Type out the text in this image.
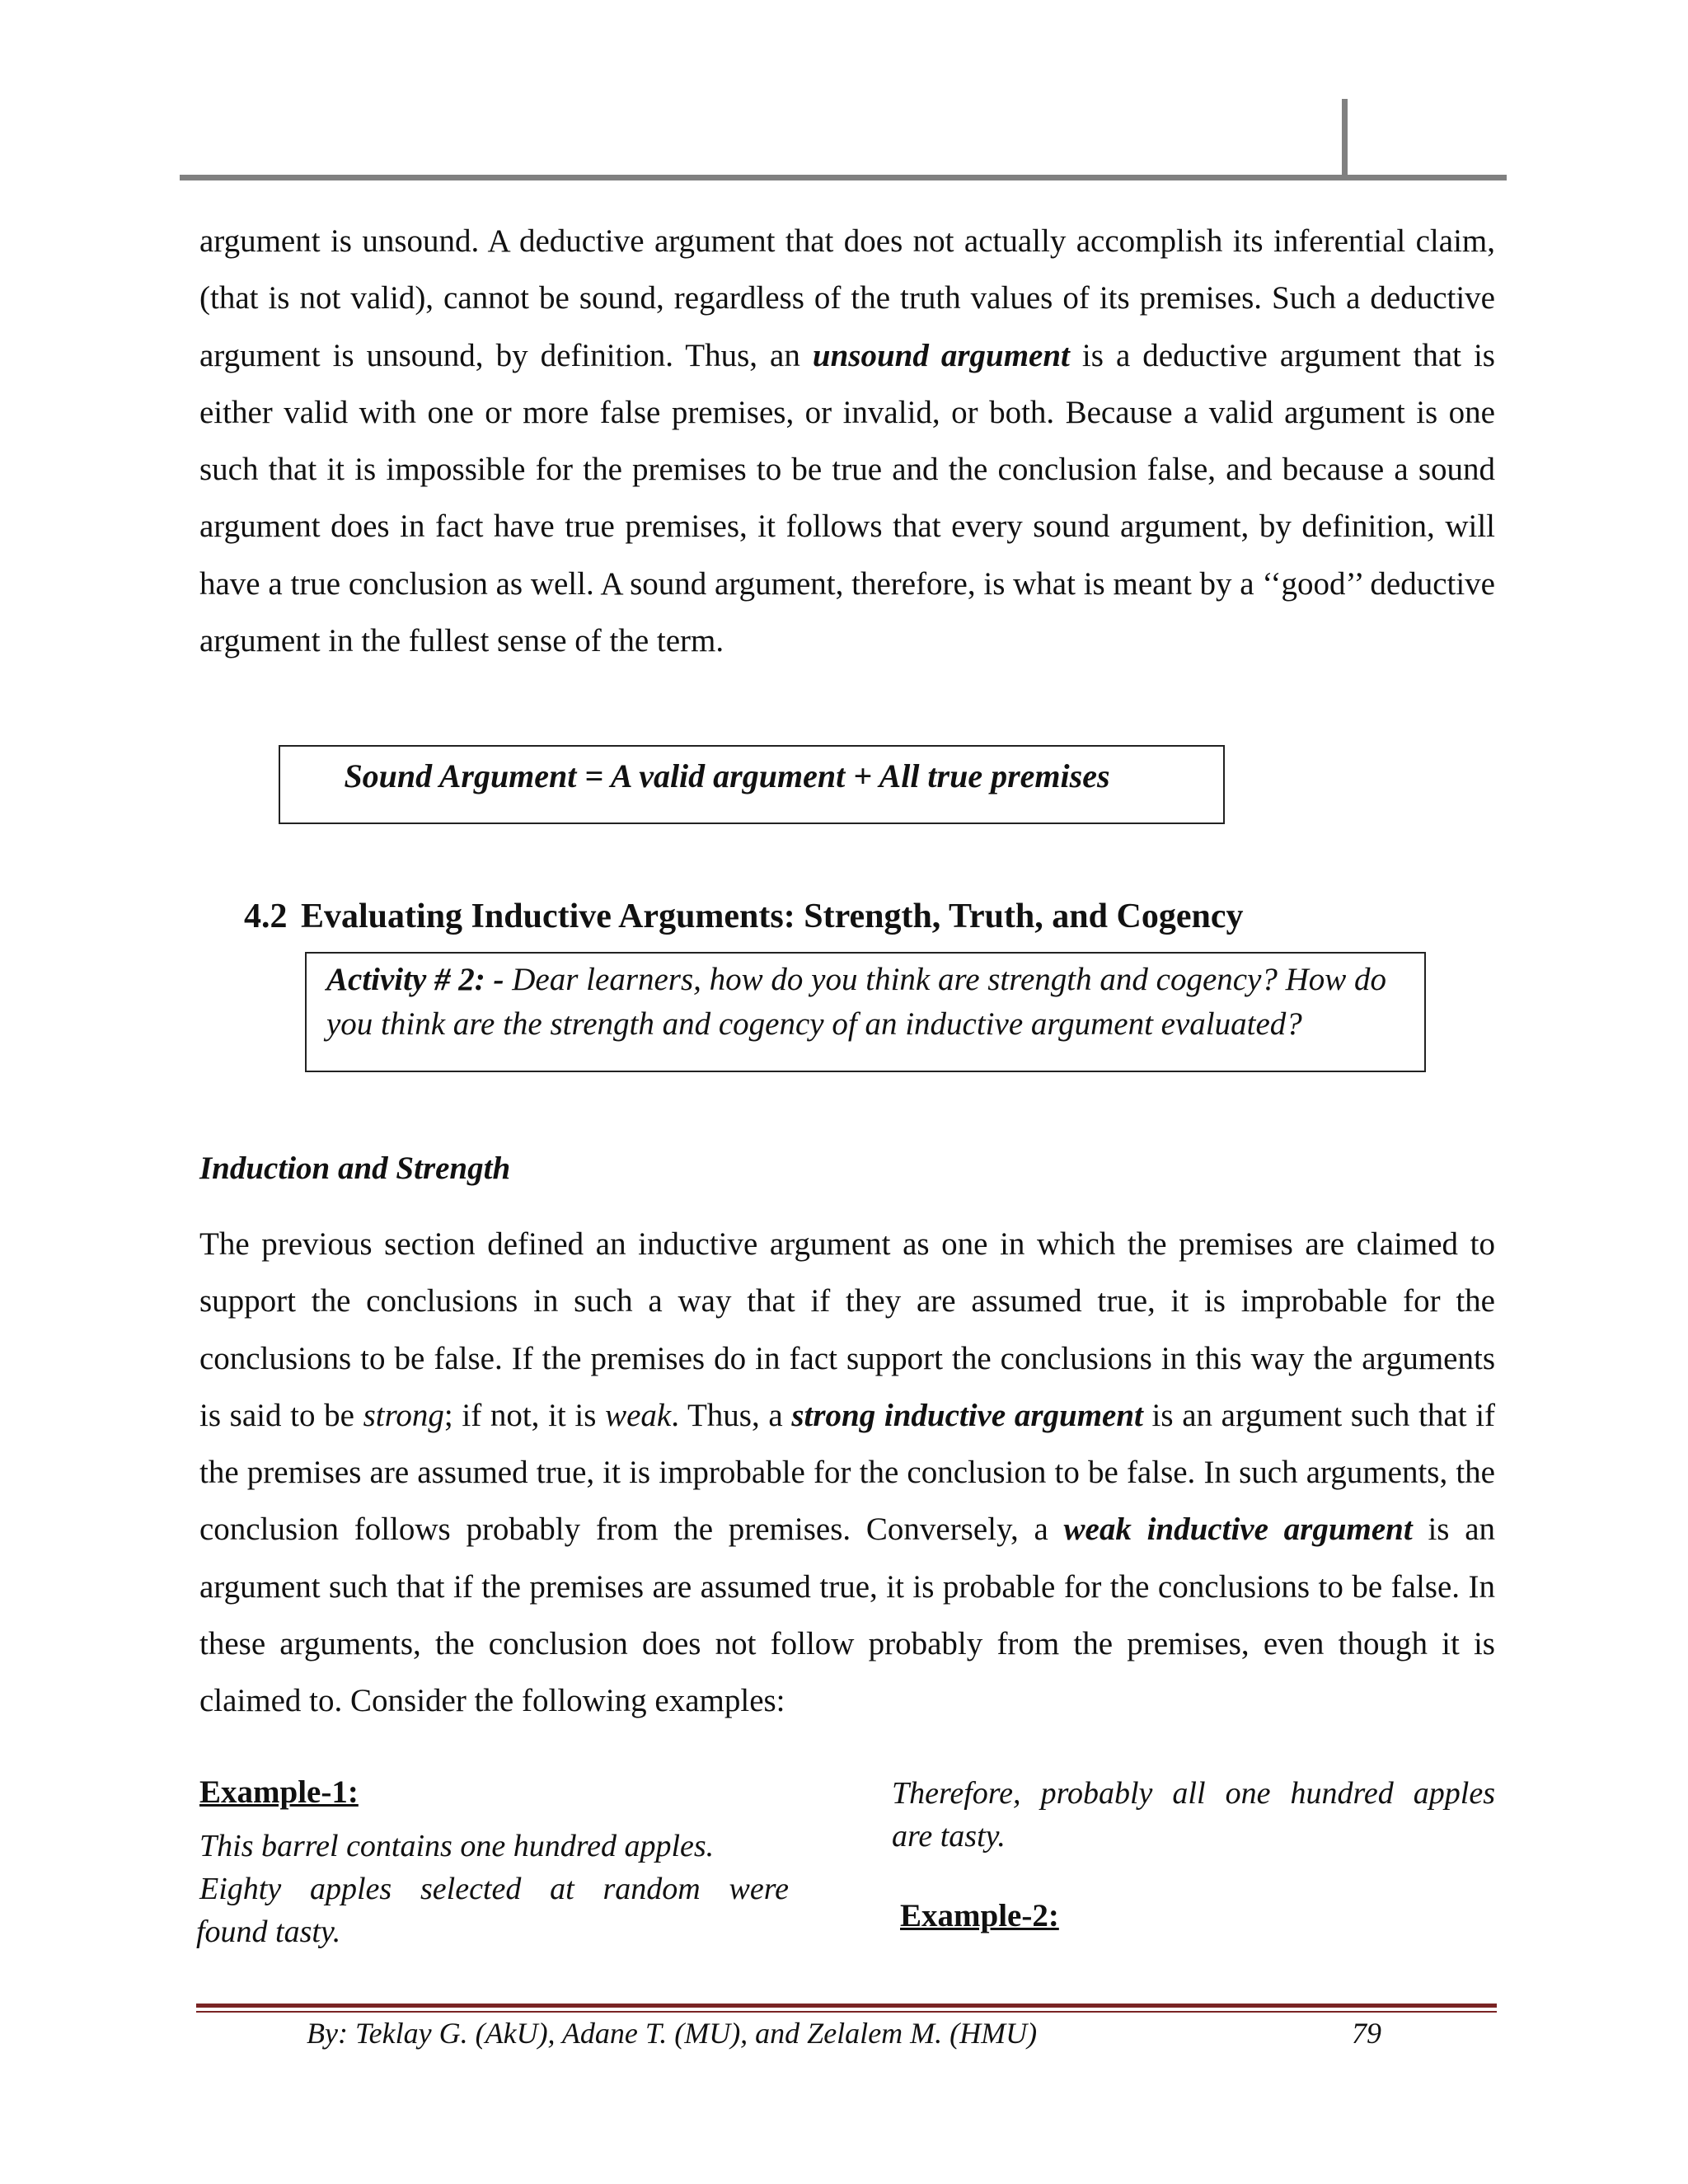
argument is unsound. A deductive argument that does not actually accomplish its inferential claim, (that is not valid), cannot be sound, regardless of the truth values of its premises. Such a deductive argument is unsound, by definition. Thus, an unsound argument is a deductive argument that is either valid with one or more false premises, or invalid, or both. Because a valid argument is one such that it is impossible for the premises to be true and the conclusion false, and because a sound argument does in fact have true premises, it follows that every sound argument, by definition, will have a true conclusion as well. A sound argument, therefore, is what is meant by a ‘‘good’’ deductive argument in the fullest sense of the term.

Sound Argument = A valid argument + All true premises
4.2 Evaluating Inductive Arguments: Strength, Truth, and Cogency

Activity # 2: - Dear learners, how do you think are strength and cogency? How do you think are the strength and cogency of an inductive argument evaluated?

Induction and Strength

The previous section defined an inductive argument as one in which the premises are claimed to support the conclusions in such a way that if they are assumed true, it is improbable for the conclusions to be false. If the premises do in fact support the conclusions in this way the arguments is said to be strong; if not, it is weak. Thus, a strong inductive argument is an argument such that if the premises are assumed true, it is improbable for the conclusion to be false. In such arguments, the conclusion follows probably from the premises. Conversely, a weak inductive argument is an argument such that if the premises are assumed true, it is probable for the conclusions to be false. In these arguments, the conclusion does not follow probably from the premises, even though it is claimed to. Consider the following examples:

Example-1:

This barrel contains one hundred apples.

Eighty apples selected at random were

found tasty.

Therefore, probably all one hundred apples

are tasty.

Example-2:
By: Teklay G. (AkU), Adane T. (MU), and Zelalem M. (HMU)	79
